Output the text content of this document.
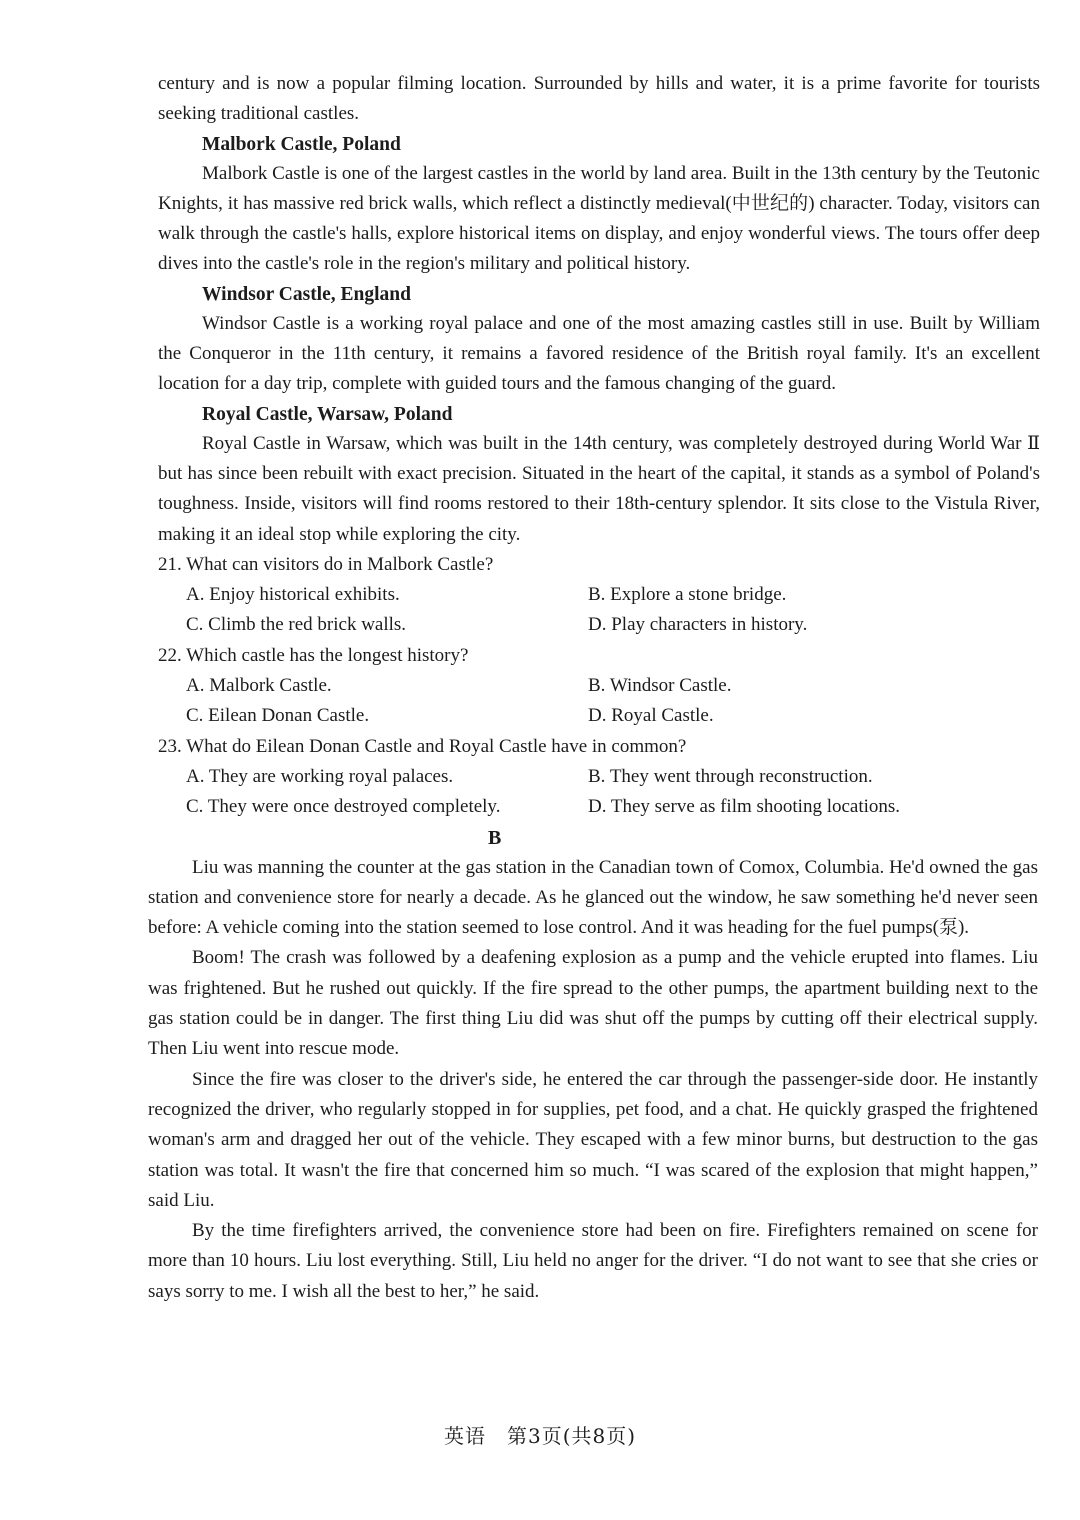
century and is now a popular filming location. Surrounded by hills and water, it is a prime favorite for tourists seeking traditional castles.

Malbork Castle, Poland

Malbork Castle is one of the largest castles in the world by land area. Built in the 13th century by the Teutonic Knights, it has massive red brick walls, which reflect a distinctly medieval(中世纪的) character. Today, visitors can walk through the castle's halls, explore historical items on display, and enjoy wonderful views. The tours offer deep dives into the castle's role in the region's military and political history.

Windsor Castle, England

Windsor Castle is a working royal palace and one of the most amazing castles still in use. Built by William the Conqueror in the 11th century, it remains a favored residence of the British royal family. It's an excellent location for a day trip, complete with guided tours and the famous changing of the guard.

Royal Castle, Warsaw, Poland

Royal Castle in Warsaw, which was built in the 14th century, was completely destroyed during World War Ⅱ but has since been rebuilt with exact precision. Situated in the heart of the capital, it stands as a symbol of Poland's toughness. Inside, visitors will find rooms restored to their 18th-century splendor. It sits close to the Vistula River, making it an ideal stop while exploring the city.

21. What can visitors do in Malbork Castle?
A. Enjoy historical exhibits.	B. Explore a stone bridge.
C. Climb the red brick walls.	D. Play characters in history.
22. Which castle has the longest history?
A. Malbork Castle.	B. Windsor Castle.
C. Eilean Donan Castle.	D. Royal Castle.
23. What do Eilean Donan Castle and Royal Castle have in common?
A. They are working royal palaces.	B. They went through reconstruction.
C. They were once destroyed completely.	D. They serve as film shooting locations.

B

Liu was manning the counter at the gas station in the Canadian town of Comox, Columbia. He'd owned the gas station and convenience store for nearly a decade. As he glanced out the window, he saw something he'd never seen before: A vehicle coming into the station seemed to lose control. And it was heading for the fuel pumps(泵).

Boom! The crash was followed by a deafening explosion as a pump and the vehicle erupted into flames. Liu was frightened. But he rushed out quickly. If the fire spread to the other pumps, the apartment building next to the gas station could be in danger. The first thing Liu did was shut off the pumps by cutting off their electrical supply. Then Liu went into rescue mode.

Since the fire was closer to the driver's side, he entered the car through the passenger-side door. He instantly recognized the driver, who regularly stopped in for supplies, pet food, and a chat. He quickly grasped the frightened woman's arm and dragged her out of the vehicle. They escaped with a few minor burns, but destruction to the gas station was total. It wasn't the fire that concerned him so much. “I was scared of the explosion that might happen,” said Liu.

By the time firefighters arrived, the convenience store had been on fire. Firefighters remained on scene for more than 10 hours. Liu lost everything. Still, Liu held no anger for the driver. “I do not want to see that she cries or says sorry to me. I wish all the best to her,” he said.

英语　第3页(共8页)
